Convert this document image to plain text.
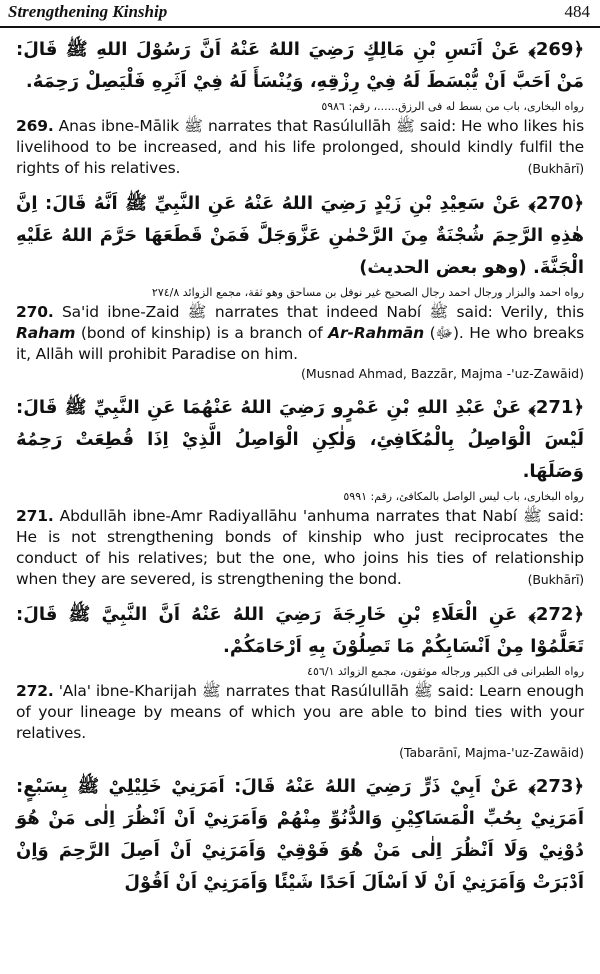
Strengthening Kinship	484
﴿269﴾ عَنْ اَنَسِ بْنِ مَالِكٍ رَضِيَ اللهُ عَنْهُ اَنَّ رَسُوْلَ اللهِ ﷺ قَالَ: مَنْ اَحَبَّ اَنْ يُّبْسَطَ لَهُ فِيْ رِزْقِهِ، وَيُنْسَأَ لَهُ فِيْ اَثَرِهِ فَلْيَصِلْ رَحِمَهُ.
رواه البخارى، باب من بسط له فى الرزق......، رقم: ٥٩٨٦
269. Anas ibne-Mālik ﷺ narrates that Rasúlullāh ﷺ said: He who likes his livelihood to be increased, and his life prolonged, should kindly fulfil the rights of his relatives.	(Bukhārī)
﴿270﴾ عَنْ سَعِيْدِ بْنِ زَيْدٍ رَضِيَ اللهُ عَنْهُ عَنِ النَّبِيِّ ﷺ اَنَّهُ قَالَ: اِنَّ هٰذِهِ الرَّحِمَ شُجْنَةٌ مِنَ الرَّحْمٰنِ عَزَّوَجَلَّ فَمَنْ قَطَعَهَا حَرَّمَ اللهُ عَلَيْهِ الْجَنَّةَ. (وهو بعض الحديث)
رواه احمد والبزار ورجال احمد رجال الصحيح غير نوفل بن مساحق وهو ثقة، مجمع الزوائد ٢٧٤/٨
270. Sa'id ibne-Zaid ﷺ narrates that indeed Nabí ﷺ said: Verily, this Raham (bond of kinship) is a branch of Ar-Rahmān (ﷻ). He who breaks it, Allāh will prohibit Paradise on him.
(Musnad Ahmad, Bazzār, Majma -'uz-Zawāid)
﴿271﴾ عَنْ عَبْدِ اللهِ بْنِ عَمْرٍو رَضِيَ اللهُ عَنْهُمَا عَنِ النَّبِيِّ ﷺ قَالَ: لَيْسَ الْوَاصِلُ بِالْمُكَافِئِ، وَلٰكِنِ الْوَاصِلُ الَّذِيْ اِذَا قُطِعَتْ رَحِمُهُ وَصَلَهَا.
رواه البخارى، باب ليس الواصل بالمكافئ، رقم: ٥٩٩١
271. Abdullāh ibne-Amr Radiyallāhu 'anhuma narrates that Nabí ﷺ said: He is not strengthening bonds of kinship who just reciprocates the conduct of his relatives; but the one, who joins his ties of relationship when they are severed, is strengthening the bond.	(Bukhārī)
﴿272﴾ عَنِ الْعَلَاءِ بْنِ خَارِجَةَ رَضِيَ اللهُ عَنْهُ اَنَّ النَّبِيَّ ﷺ قَالَ: تَعَلَّمُوْا مِنْ اَنْسَابِكُمْ مَا تَصِلُوْنَ بِهِ اَرْحَامَكُمْ.
رواه الطبرانى فى الكبير ورجاله موثقون، مجمع الزوائد ٤٥٦/١
272. 'Ala' ibne-Kharijah ﷺ narrates that Rasúlullāh ﷺ said: Learn enough of your lineage by means of which you are able to bind ties with your relatives.
(Tabarānī, Majma-'uz-Zawāid)
﴿273﴾ عَنْ اَبِيْ ذَرٍّ رَضِيَ اللهُ عَنْهُ قَالَ: اَمَرَنِيْ خَلِيْلِيْ ﷺ بِسَبْعٍ: اَمَرَنِيْ بِحُبِّ الْمَسَاكِيْنِ وَالدُّنُوِّ مِنْهُمْ وَاَمَرَنِيْ اَنْ اَنْظُرَ اِلٰى مَنْ هُوَ دُوْنِيْ وَلَا اَنْظُرَ اِلٰى مَنْ هُوَ فَوْقِيْ وَاَمَرَنِيْ اَنْ اَصِلَ الرَّحِمَ وَاِنْ اَدْبَرَتْ وَاَمَرَنِيْ اَنْ لَا اَسْاَلَ اَحَدًا شَيْئًا وَاَمَرَنِيْ اَنْ اَقُوْلَ
